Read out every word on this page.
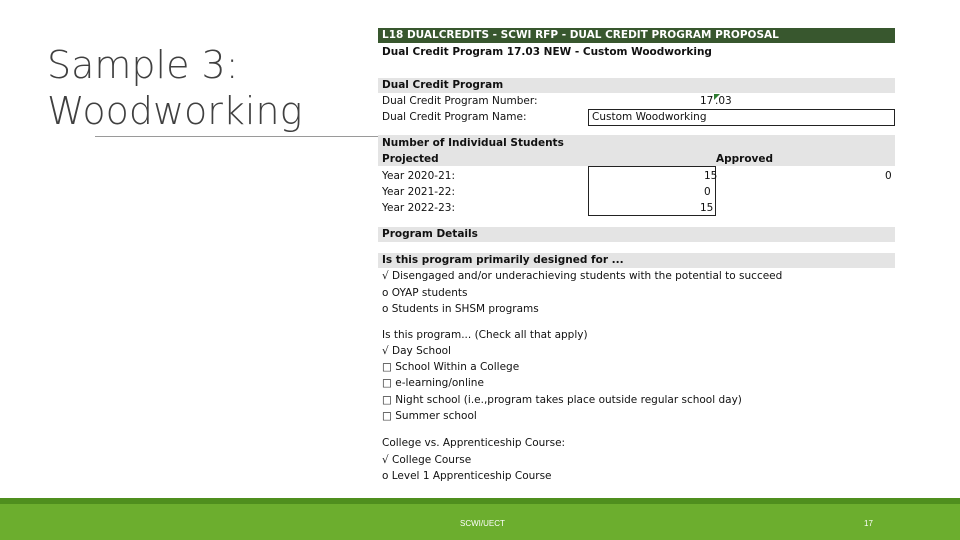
Sample 3:
Woodworking
L18 DUALCREDITS - SCWI RFP - DUAL CREDIT PROGRAM PROPOSAL
Dual Credit Program 17.03 NEW - Custom Woodworking
Dual Credit Program
Dual Credit Program Number:	17 .03
Dual Credit Program Name:	Custom Woodworking
Number of Individual Students
Projected	Approved
Year 2020-21:	15	0
Year 2021-22:	0
Year 2022-23:	15
Program Details
Is this program primarily designed for ...
√ Disengaged and/or underachieving students with the potential to succeed
o OYAP students
o Students in SHSM programs
Is this program... (Check all that apply)
√ Day School
□ School Within a College
□ e-learning/online
□ Night school (i.e.,program takes place outside regular school day)
□ Summer school
College vs. Apprenticeship Course:
√ College Course
o Level 1 Apprenticeship Course
SCWI/UECT	17
